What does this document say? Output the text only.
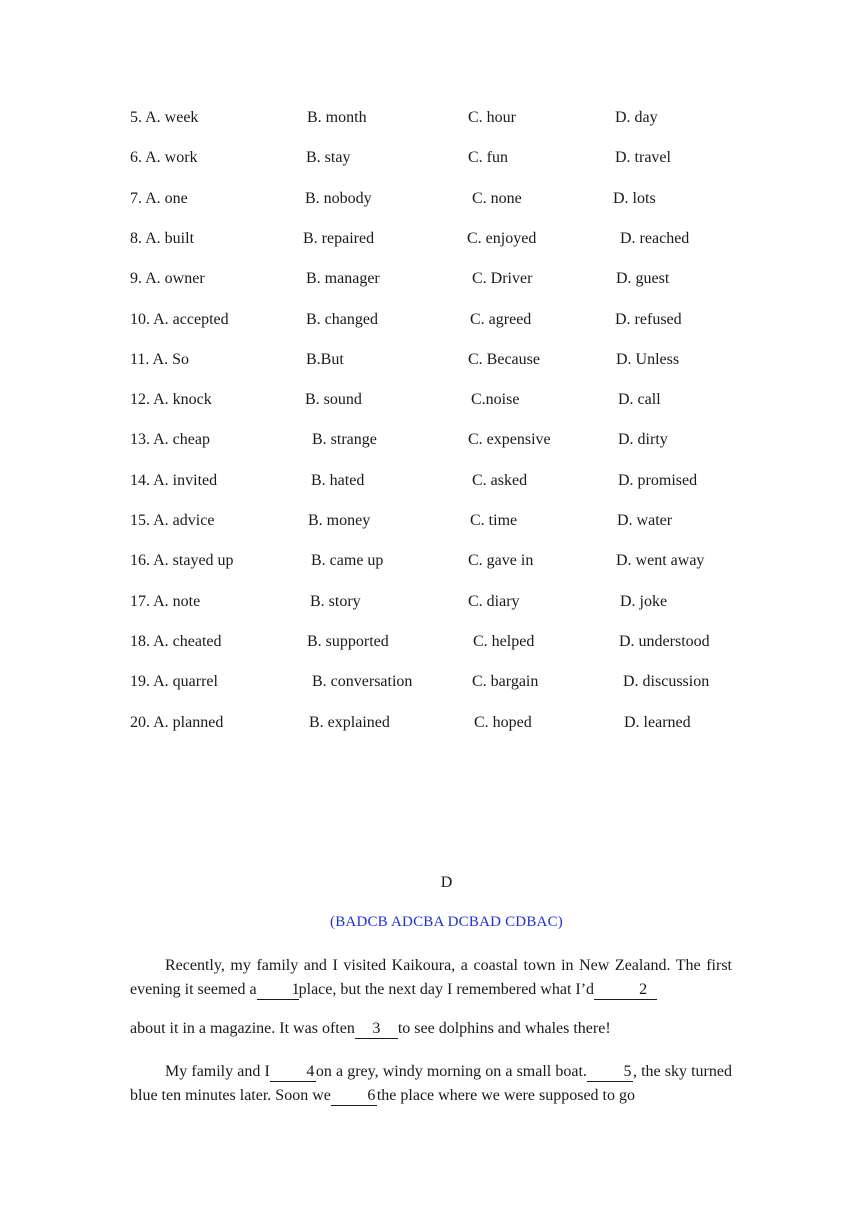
5. A. week	B. month	C. hour	D. day
6. A. work	B. stay	C. fun	D. travel
7. A. one	B. nobody	C. none	D. lots
8. A. built	B. repaired	C. enjoyed	D. reached
9. A. owner	B. manager	C. Driver	D. guest
10. A. accepted	B. changed	C. agreed	D. refused
11. A. So	B.But	C. Because	D. Unless
12. A. knock	B. sound	C.noise	D. call
13. A. cheap	B. strange	C. expensive	D. dirty
14. A. invited	B. hated	C. asked	D. promised
15. A. advice	B. money	C. time	D. water
16. A. stayed up	B. came up	C. gave in	D. went away
17. A. note	B. story	C. diary	D. joke
18. A. cheated	B. supported	C. helped	D. understood
19. A. quarrel	B. conversation	C. bargain	D. discussion
20. A. planned	B. explained	C. hoped	D. learned
D
(BADCB ADCBA DCBAD CDBAC)
Recently, my family and I visited Kaikoura, a coastal town in New Zealand. The first evening it seemed a 1place, but the next day I remembered what I’d	2
about it in a magazine. It was often 3 to see dolphins and whales there!
My family and I 4on a grey, windy morning on a small boat. 5, the sky turned blue ten minutes later. Soon we 6the place where we were supposed to go
